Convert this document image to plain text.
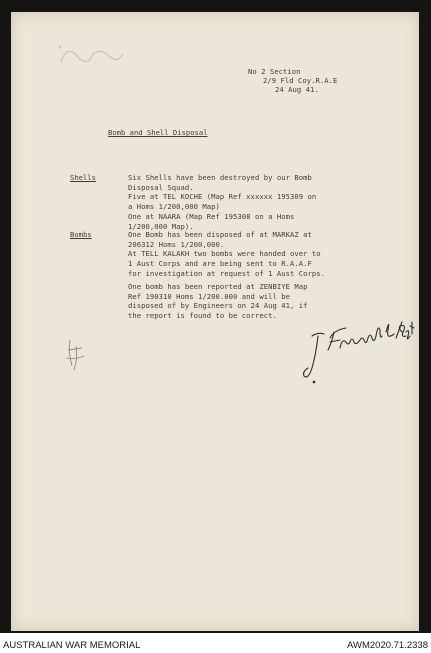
No 2 Section
2/9 Fld Coy.R.A.E
24 Aug 41.
Bomb and Shell Disposal
Shells	Six Shells have been destroyed by our Bomb
Disposal Squad.
Five at TEL KOCHE (Map Ref xxxxxx 195309 on
a Homs 1/200,000 Map)
One at NAARA (Map Ref 195308 on a Homs
1/200,000 Map).
Bombs	One Bomb has been disposed of at MARKAZ at
206312 Homs 1/200,000.
At TELL KALAKH two bombs were handed over to
1 Aust Corps and are being sent to R.A.A.F
for investigation at request of 1 Aust Corps.
One bomb has been reported at ZENBIYE Map
Ref 190310 Homs 1/200.000 and will be
disposed of by Engineers on 24 Aug 41, if
the report is found to be correct.
AUSTRALIAN WAR MEMORIAL	AWM2020.71.2338
